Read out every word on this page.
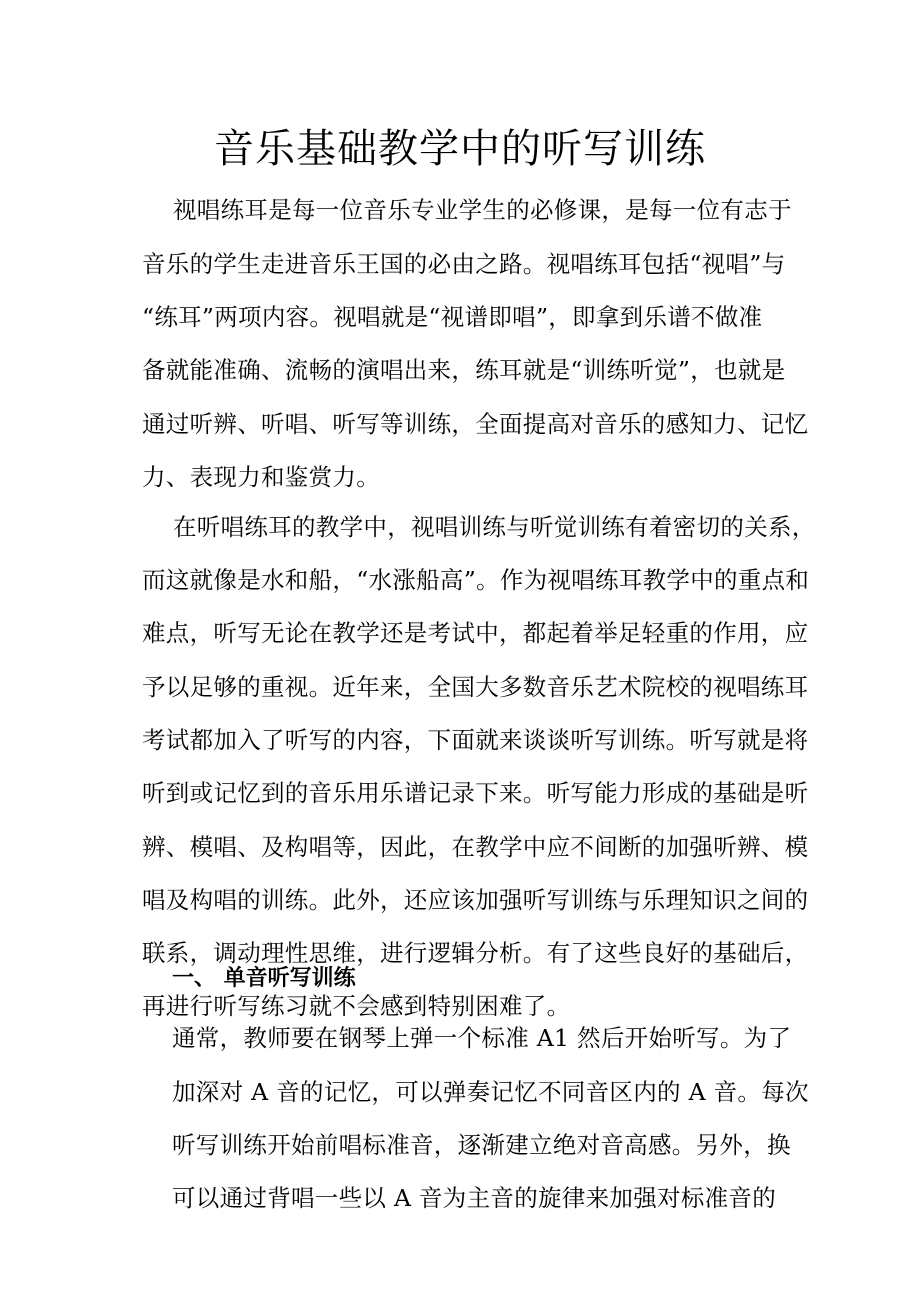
音乐基础教学中的听写训练
视唱练耳是每一位音乐专业学生的必修课，是每一位有志于
音乐的学生走进音乐王国的必由之路。视唱练耳包括“视唱”与
“练耳”两项内容。视唱就是“视谱即唱”，即拿到乐谱不做准
备就能准确、流畅的演唱出来，练耳就是“训练听觉”，也就是
通过听辨、听唱、听写等训练，全面提高对音乐的感知力、记忆
力、表现力和鉴赏力。
在听唱练耳的教学中，视唱训练与听觉训练有着密切的关系，
而这就像是水和船，“水涨船高”。作为视唱练耳教学中的重点和
难点，听写无论在教学还是考试中，都起着举足轻重的作用，应
予以足够的重视。近年来，全国大多数音乐艺术院校的视唱练耳
考试都加入了听写的内容，下面就来谈谈听写训练。听写就是将
听到或记忆到的音乐用乐谱记录下来。听写能力形成的基础是听
辨、模唱、及构唱等，因此，在教学中应不间断的加强听辨、模
唱及构唱的训练。此外，还应该加强听写训练与乐理知识之间的
联系，调动理性思维，进行逻辑分析。有了这些良好的基础后，
再进行听写练习就不会感到特别困难了。
一、 单音听写训练
通常，教师要在钢琴上弹一个标准 A1 然后开始听写。为了
加深对 A 音的记忆，可以弹奏记忆不同音区内的 A 音。每次
听写训练开始前唱标准音，逐渐建立绝对音高感。另外，换
可以通过背唱一些以 A 音为主音的旋律来加强对标准音的
